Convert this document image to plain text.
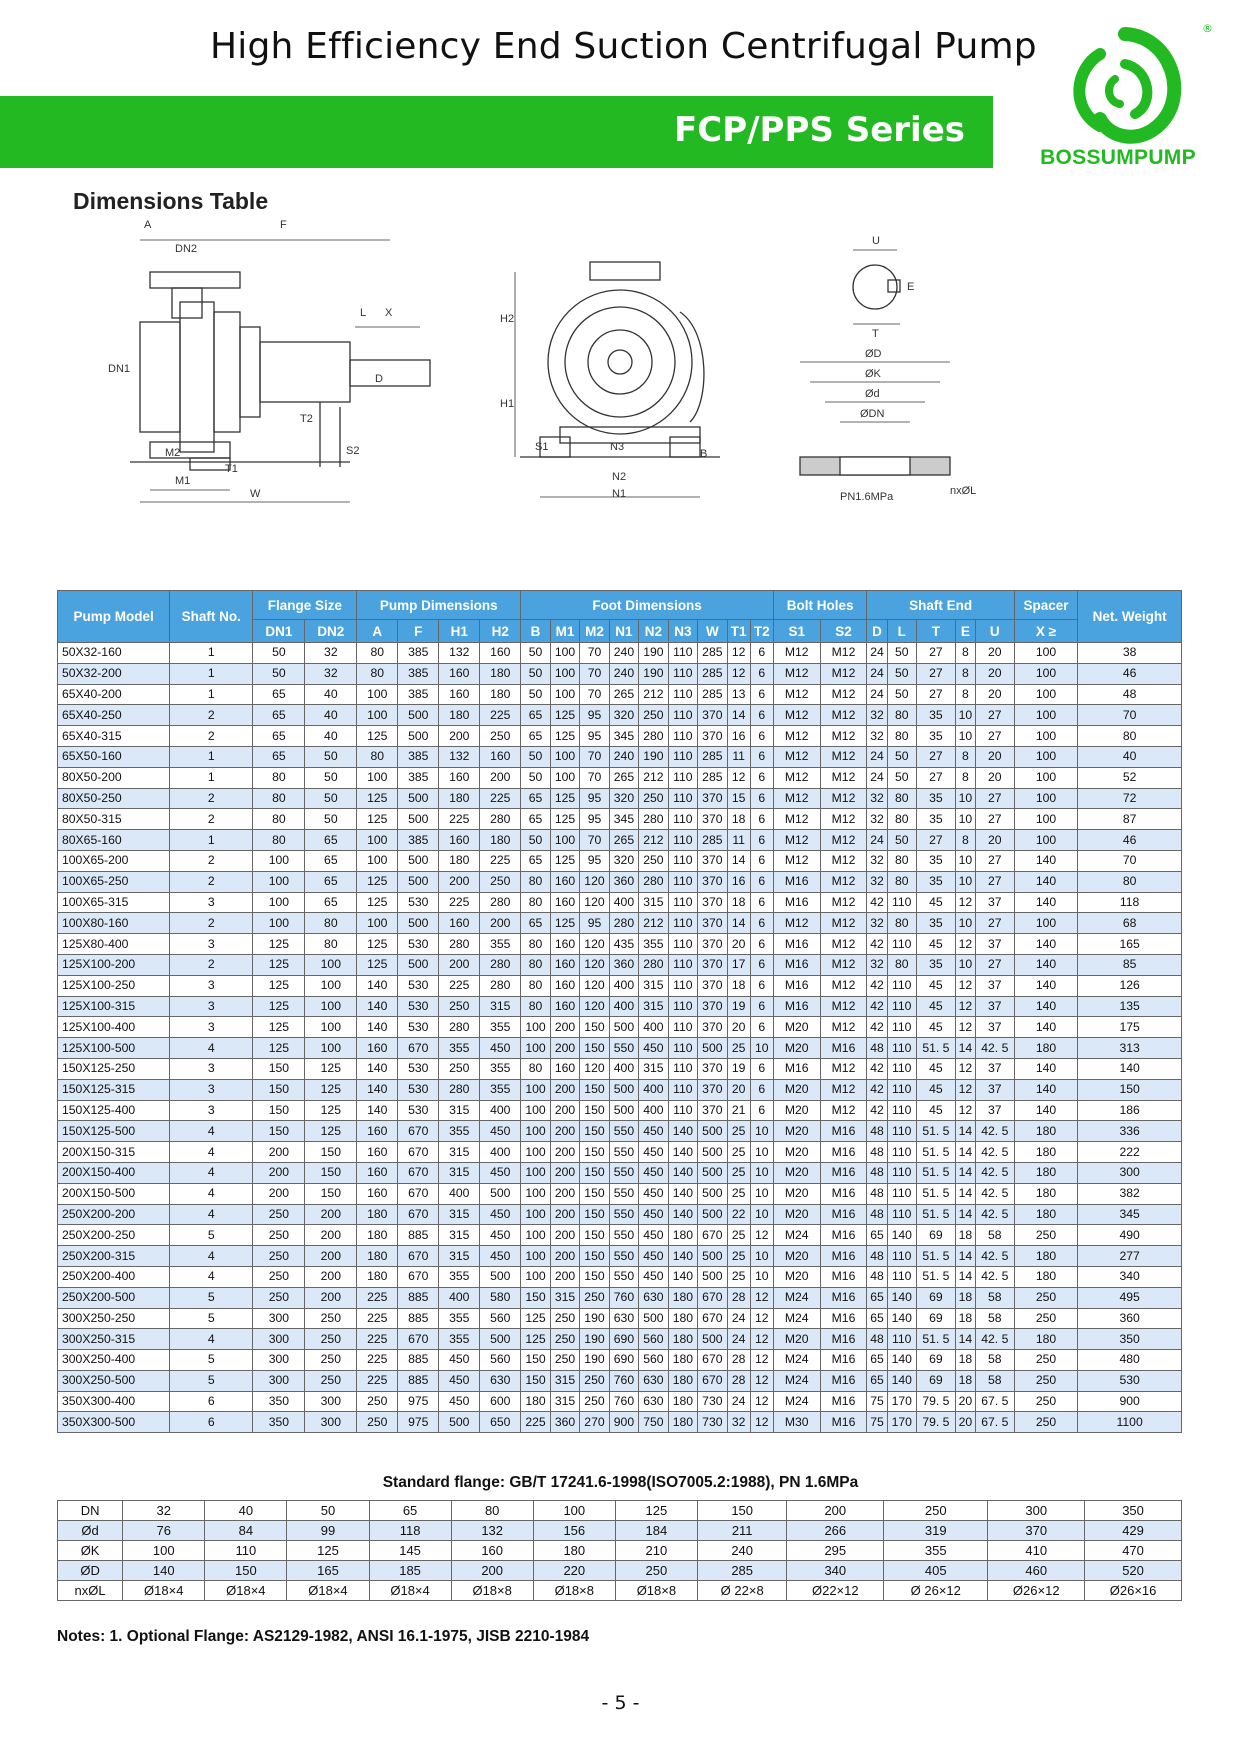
High Efficiency End Suction Centrifugal Pump
FCP/PPS Series
®
BOSSUMPUMP
Dimensions Table
A	F
DN2
DN1
L X
D
T2
M2
M1
T1
S2
W
H2
H1
S1	N3
B
N2
N1
U
E
T
ØD
ØK
Ød
ØDN
PN1.6MPa	nxØL
Pump Model	Shaft No.	Flange Size		Pump Dimensions				Foot Dimensions									Bolt Holes		Shaft End					Spacer	Net. Weight
		DN1	DN2	A	F	H1	H2	B	M1	M2	N1	N2	N3	W	T1	T2	S1	S2	D	L	T	E	U	X ≥	
50X32-160	1	50	32	80	385	132	160	50	100	70	240	190	110	285	12	6	M12	M12	24	50	27	8	20	100	38
50X32-200	1	50	32	80	385	160	180	50	100	70	240	190	110	285	12	6	M12	M12	24	50	27	8	20	100	46
65X40-200	1	65	40	100	385	160	180	50	100	70	265	212	110	285	13	6	M12	M12	24	50	27	8	20	100	48
65X40-250	2	65	40	100	500	180	225	65	125	95	320	250	110	370	14	6	M12	M12	32	80	35	10	27	100	70
65X40-315	2	65	40	125	500	200	250	65	125	95	345	280	110	370	16	6	M12	M12	32	80	35	10	27	100	80
65X50-160	1	65	50	80	385	132	160	50	100	70	240	190	110	285	11	6	M12	M12	24	50	27	8	20	100	40
80X50-200	1	80	50	100	385	160	200	50	100	70	265	212	110	285	12	6	M12	M12	24	50	27	8	20	100	52
80X50-250	2	80	50	125	500	180	225	65	125	95	320	250	110	370	15	6	M12	M12	32	80	35	10	27	100	72
80X50-315	2	80	50	125	500	225	280	65	125	95	345	280	110	370	18	6	M12	M12	32	80	35	10	27	100	87
80X65-160	1	80	65	100	385	160	180	50	100	70	265	212	110	285	11	6	M12	M12	24	50	27	8	20	100	46
100X65-200	2	100	65	100	500	180	225	65	125	95	320	250	110	370	14	6	M12	M12	32	80	35	10	27	140	70
100X65-250	2	100	65	125	500	200	250	80	160	120	360	280	110	370	16	6	M16	M12	32	80	35	10	27	140	80
100X65-315	3	100	65	125	530	225	280	80	160	120	400	315	110	370	18	6	M16	M12	42	110	45	12	37	140	118
100X80-160	2	100	80	100	500	160	200	65	125	95	280	212	110	370	14	6	M12	M12	32	80	35	10	27	100	68
125X80-400	3	125	80	125	530	280	355	80	160	120	435	355	110	370	20	6	M16	M12	42	110	45	12	37	140	165
125X100-200	2	125	100	125	500	200	280	80	160	120	360	280	110	370	17	6	M16	M12	32	80	35	10	27	140	85
125X100-250	3	125	100	140	530	225	280	80	160	120	400	315	110	370	18	6	M16	M12	42	110	45	12	37	140	126
125X100-315	3	125	100	140	530	250	315	80	160	120	400	315	110	370	19	6	M16	M12	42	110	45	12	37	140	135
125X100-400	3	125	100	140	530	280	355	100	200	150	500	400	110	370	20	6	M20	M12	42	110	45	12	37	140	175
125X100-500	4	125	100	160	670	355	450	100	200	150	550	450	110	500	25	10	M20	M16	48	110	51. 5	14	42. 5	180	313
150X125-250	3	150	125	140	530	250	355	80	160	120	400	315	110	370	19	6	M16	M12	42	110	45	12	37	140	140
150X125-315	3	150	125	140	530	280	355	100	200	150	500	400	110	370	20	6	M20	M12	42	110	45	12	37	140	150
150X125-400	3	150	125	140	530	315	400	100	200	150	500	400	110	370	21	6	M20	M12	42	110	45	12	37	140	186
150X125-500	4	150	125	160	670	355	450	100	200	150	550	450	140	500	25	10	M20	M16	48	110	51. 5	14	42. 5	180	336
200X150-315	4	200	150	160	670	315	400	100	200	150	550	450	140	500	25	10	M20	M16	48	110	51. 5	14	42. 5	180	222
200X150-400	4	200	150	160	670	315	450	100	200	150	550	450	140	500	25	10	M20	M16	48	110	51. 5	14	42. 5	180	300
200X150-500	4	200	150	160	670	400	500	100	200	150	550	450	140	500	25	10	M20	M16	48	110	51. 5	14	42. 5	180	382
250X200-200	4	250	200	180	670	315	450	100	200	150	550	450	140	500	22	10	M20	M16	48	110	51. 5	14	42. 5	180	345
250X200-250	5	250	200	180	885	315	450	100	200	150	550	450	180	670	25	12	M24	M16	65	140	69	18	58	250	490
250X200-315	4	250	200	180	670	315	450	100	200	150	550	450	140	500	25	10	M20	M16	48	110	51. 5	14	42. 5	180	277
250X200-400	4	250	200	180	670	355	500	100	200	150	550	450	140	500	25	10	M20	M16	48	110	51. 5	14	42. 5	180	340
250X200-500	5	250	200	225	885	400	580	150	315	250	760	630	180	670	28	12	M24	M16	65	140	69	18	58	250	495
300X250-250	5	300	250	225	885	355	560	125	250	190	630	500	180	670	24	12	M24	M16	65	140	69	18	58	250	360
300X250-315	4	300	250	225	670	355	500	125	250	190	690	560	180	500	24	12	M20	M16	48	110	51. 5	14	42. 5	180	350
300X250-400	5	300	250	225	885	450	560	150	250	190	690	560	180	670	28	12	M24	M16	65	140	69	18	58	250	480
300X250-500	5	300	250	225	885	450	630	150	315	250	760	630	180	670	28	12	M24	M16	65	140	69	18	58	250	530
350X300-400	6	350	300	250	975	450	600	180	315	250	760	630	180	730	24	12	M24	M16	75	170	79. 5	20	67. 5	250	900
350X300-500	6	350	300	250	975	500	650	225	360	270	900	750	180	730	32	12	M30	M16	75	170	79. 5	20	67. 5	250	1100
Standard flange: GB/T 17241.6-1998(ISO7005.2:1988), PN 1.6MPa
DN	32	40	50	65	80	100	125	150	200	250	300	350
Ød	76	84	99	118	132	156	184	211	266	319	370	429
ØK	100	110	125	145	160	180	210	240	295	355	410	470
ØD	140	150	165	185	200	220	250	285	340	405	460	520
nxØL	Ø18×4	Ø18×4	Ø18×4	Ø18×4	Ø18×8	Ø18×8	Ø18×8	Ø 22×8	Ø22×12	Ø 26×12	Ø26×12	Ø26×16
Notes: 1. Optional Flange: AS2129-1982, ANSI 16.1-1975, JISB 2210-1984
- 5 -
